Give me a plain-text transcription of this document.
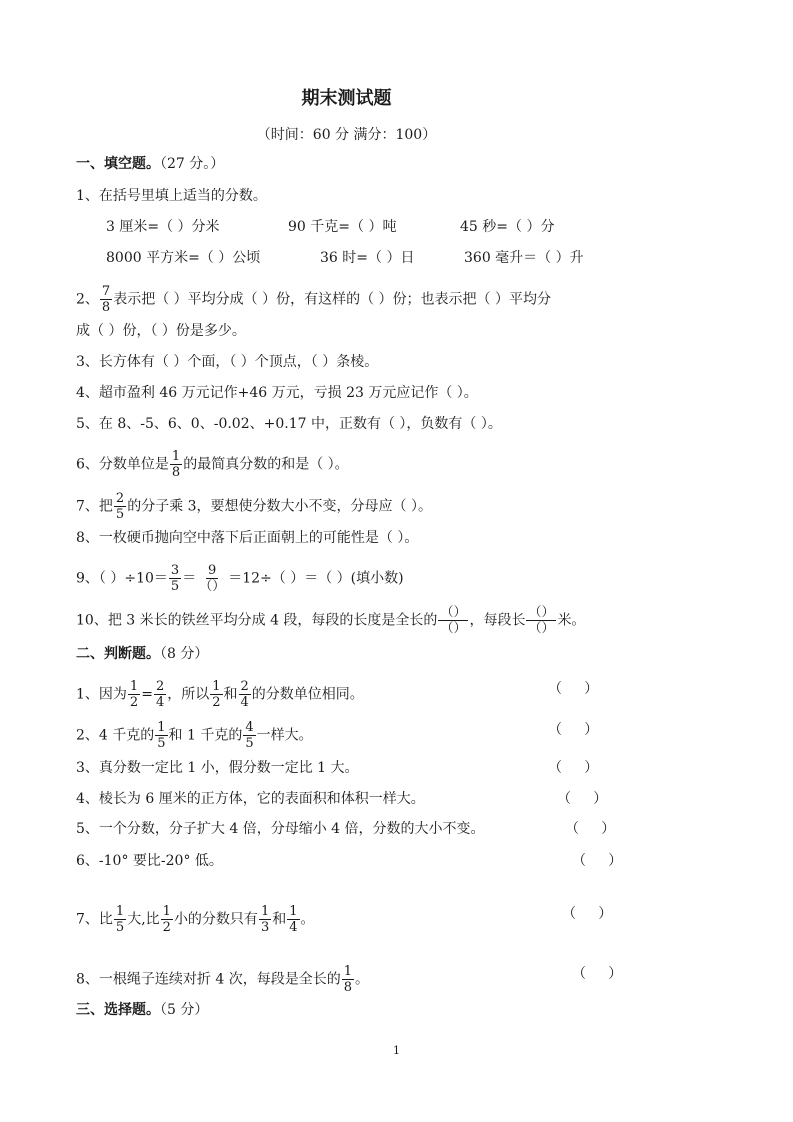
期末测试题
（时间：60 分 满分：100）
一、填空题。（27 分。）
1、在括号里填上适当的分数。
3 厘米=（ ）分米	90 千克=（ ）吨	45 秒=（ ）分
8000 平方米=（ ）公顷	36 时=（ ）日	360 毫升＝（ ）升
2、 $\frac{7}{8}$ 表示把（ ）平均分成（ ）份，有这样的（ ）份；也表示把（ ）平均分
成（ ）份，（ ）份是多少。
3、长方体有（ ）个面，（ ）个顶点，（ ）条棱。
4、超市盈利 46 万元记作+46 万元，亏损 23 万元应记作（ ）。
5、在 8、-5、6、0、-0.02、+0.17 中，正数有（ ），负数有（ ）。
6、分数单位是 $\frac{1}{8}$ 的最简真分数的和是（ ）。
7、把 $\frac{2}{5}$ 的分子乘 3，要想使分数大小不变，分母应（ ）。
8、一枚硬币抛向空中落下后正面朝上的可能性是（ ）。
9、（ ）$\div 10= \frac{3}{5} = 9$
（） ＝12÷（ ）＝（ ）(填小数)
10、把 3 米长的铁丝平均分成 4 段，每段的长度是全长的 （）
（） ，每段长 （）
（） 米。
二、判断题。（8 分）
1、因为 $\frac{1}{2} = \frac{2}{4}$ ，所以 $\frac{1}{2}$ 和 $\frac{2}{4}$ 的分数单位相同。	（     ）
2、4 千克的 $\frac{1}{5}$ 和 1 千克的 $\frac{4}{5}$ 一样大。	（     ）
3、真分数一定比 1 小，假分数一定比 1 大。	（     ）
4、棱长为 6 厘米的正方体，它的表面积和体积一样大。	（     ）
5、一个分数，分子扩大 4 倍，分母缩小 4 倍，分数的大小不变。	（     ）
6、-10° 要比-20° 低。	（     ）
7、比 $\frac{1}{5}$ 大,比 $\frac{1}{2}$ 小的分数只有 $\frac{1}{3}$ 和 $\frac{1}{4}$ 。	（     ）
8、一根绳子连续对折 4 次，每段是全长的 $\frac{1}{8}$ 。	（     ）
三、选择题。（5 分）
1
